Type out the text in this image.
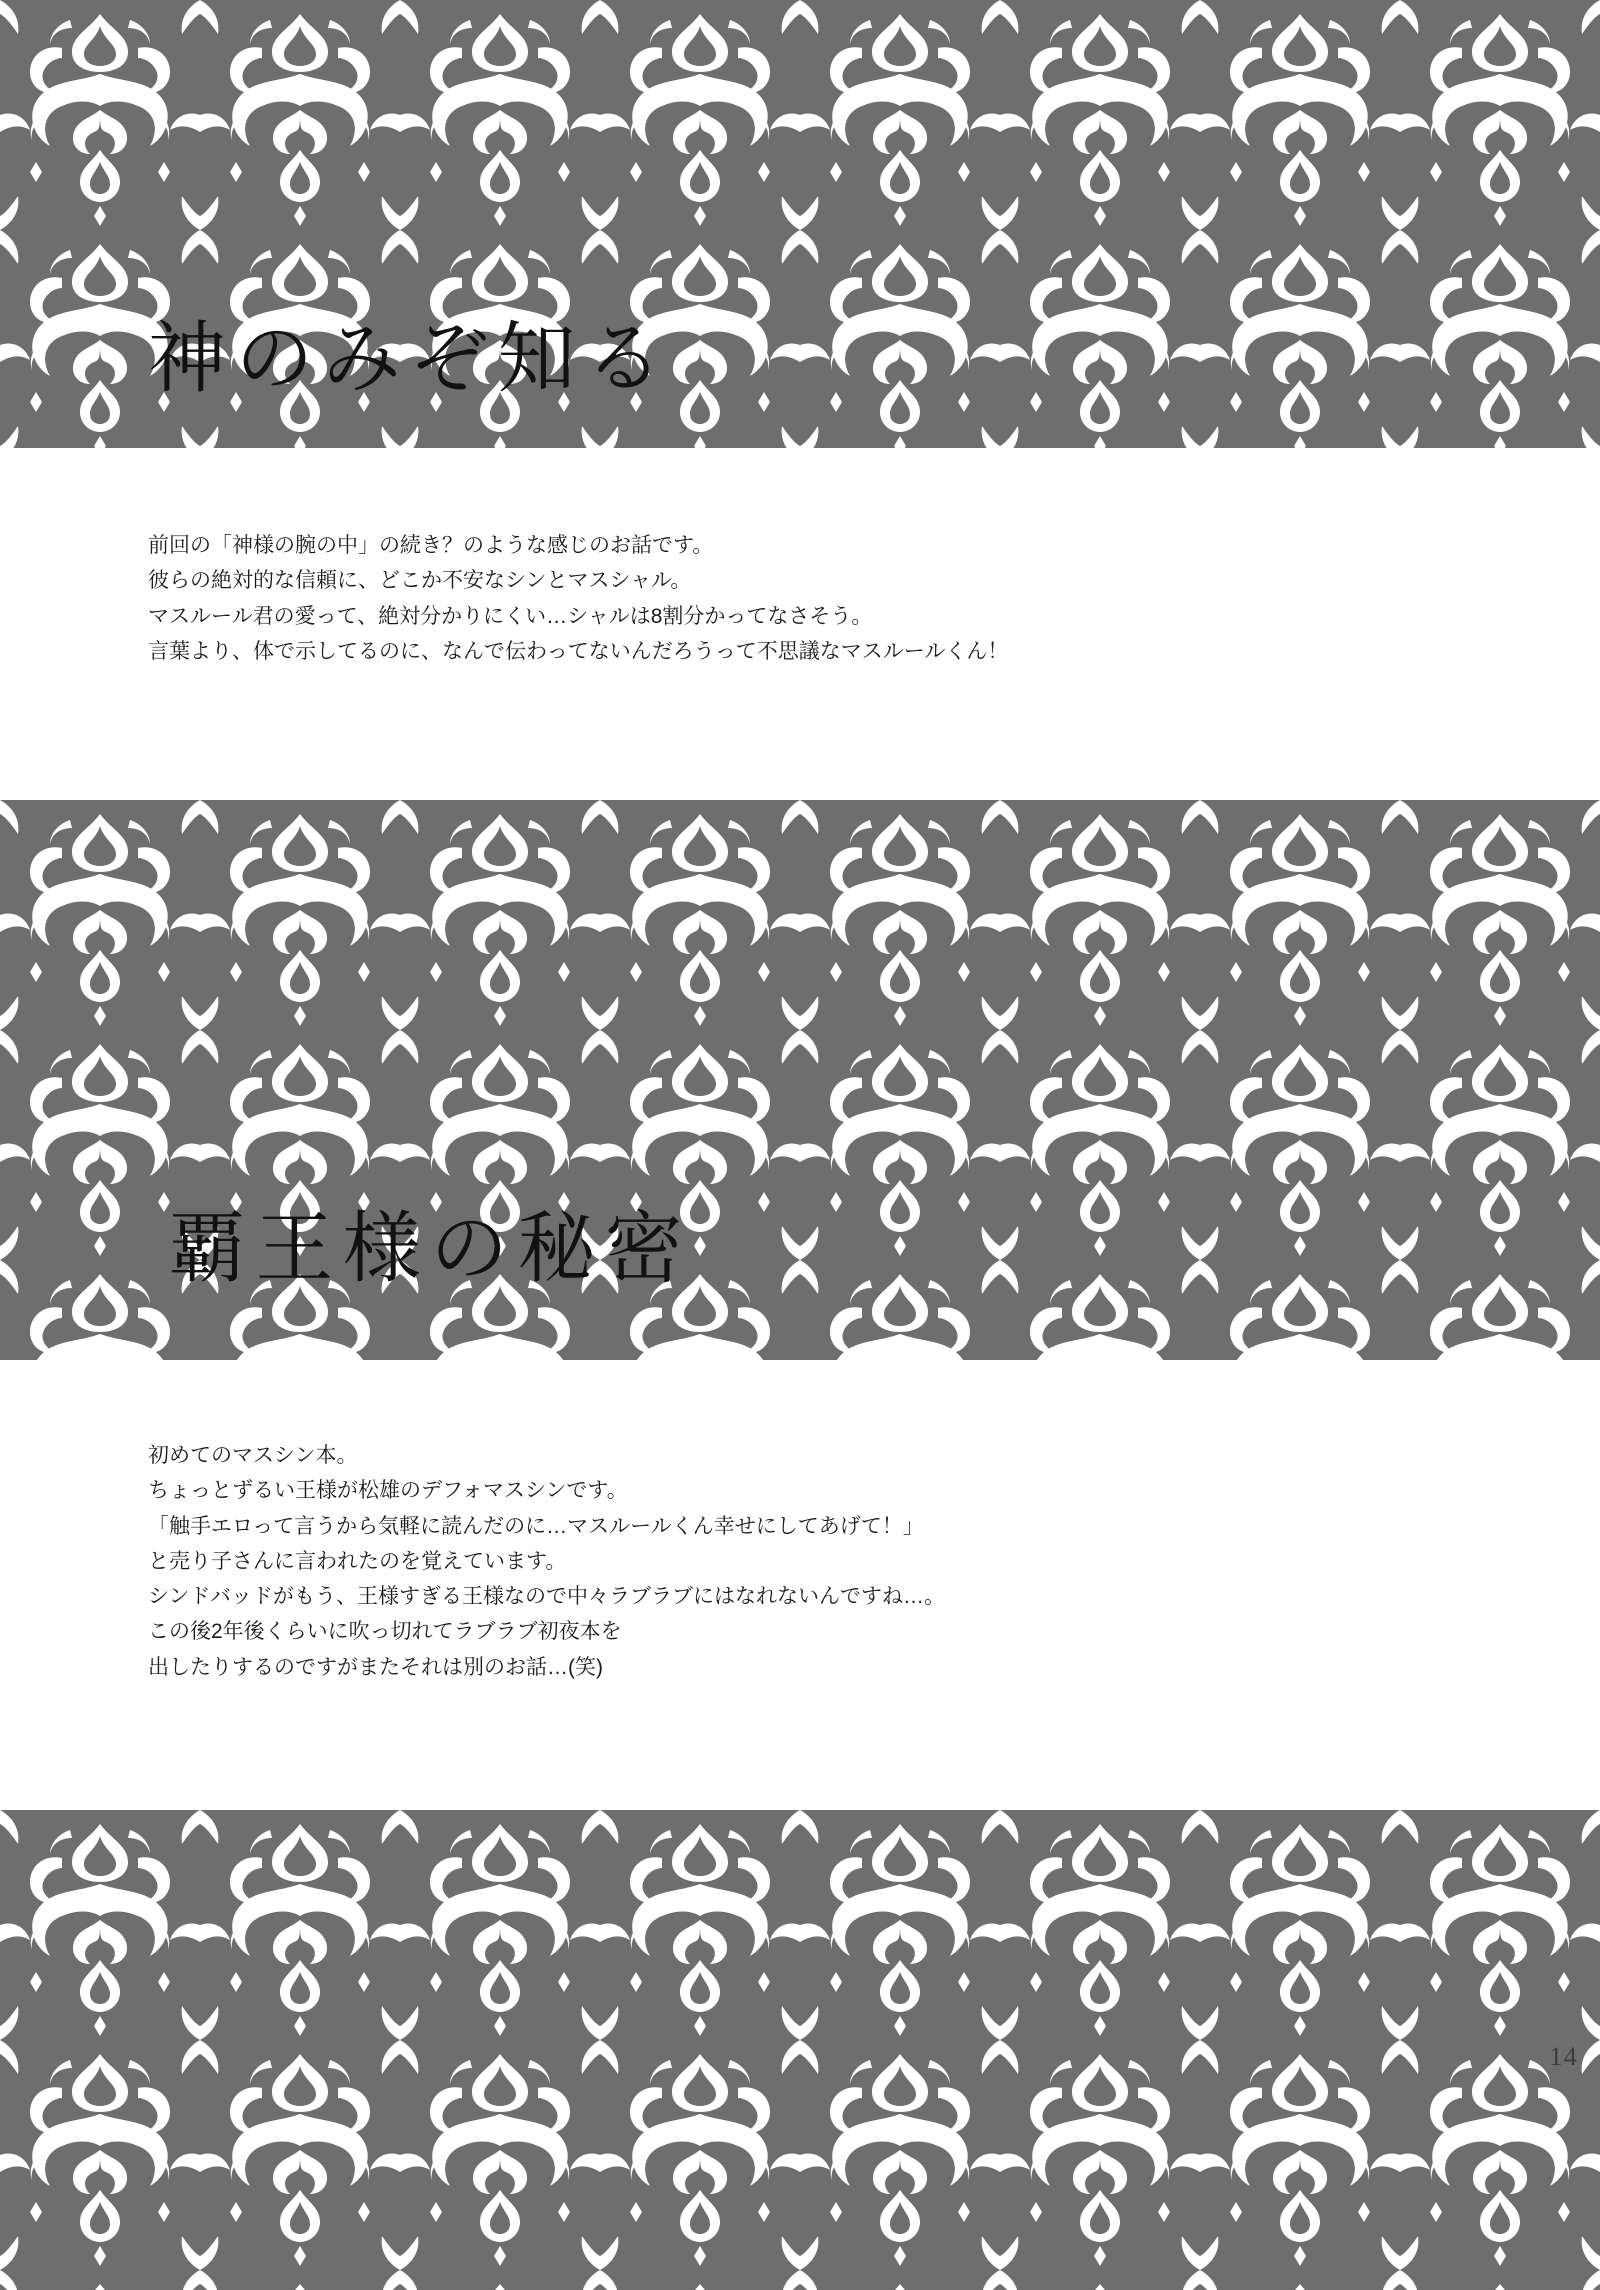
神のみぞ知る

前回の「神様の腕の中」の続き？のような感じのお話です。

彼らの絶対的な信頼に、どこか不安なシンとマスシャル。

マスルール君の愛って、絶対分かりにくい…シャルは8割分かってなさそう。

言葉より、体で示してるのに、なんで伝わってないんだろうって不思議なマスルールくん！

覇王様の秘密

初めてのマスシン本。

ちょっとずるい王様が松雄のデフォマスシンです。

「触手エロって言うから気軽に読んだのに…マスルールくん幸せにしてあげて！」

と売り子さんに言われたのを覚えています。

シンドバッドがもう、王様すぎる王様なので中々ラブラブにはなれないんですね…。

この後2年後くらいに吹っ切れてラブラブ初夜本を

出したりするのですがまたそれは別のお話…(笑)

14
